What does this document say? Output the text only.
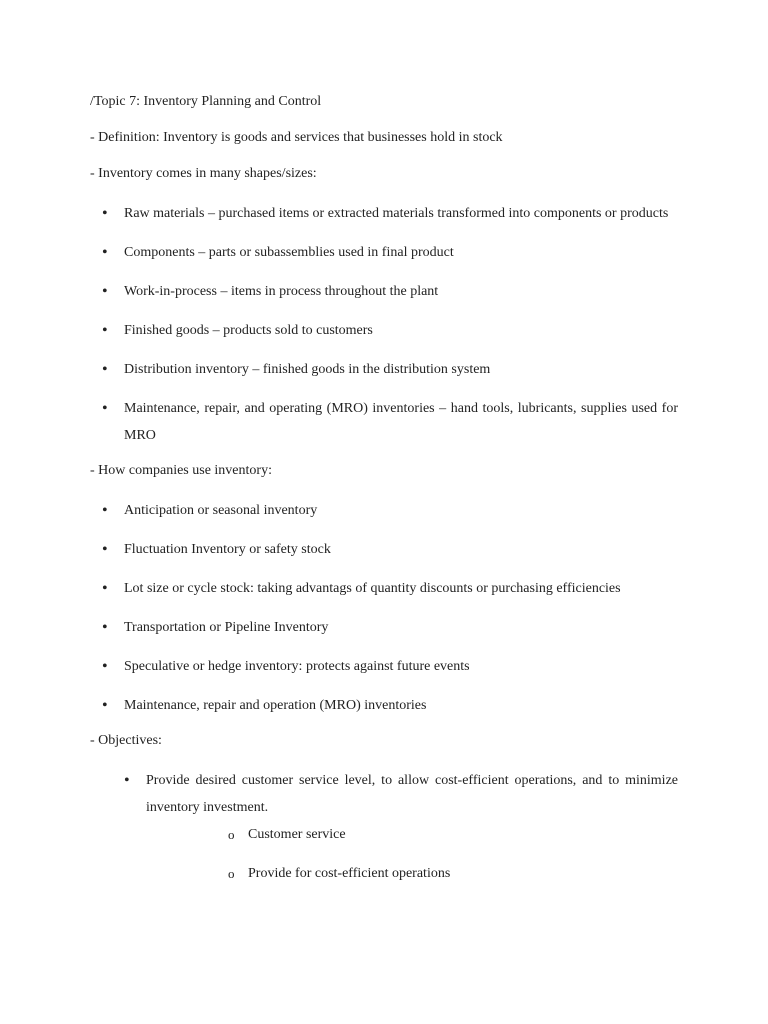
/Topic 7: Inventory Planning and Control

- Definition: Inventory is goods and services that businesses hold in stock

- Inventory comes in many shapes/sizes:

• Raw materials – purchased items or extracted materials transformed into components or products
• Components – parts or subassemblies used in final product
• Work-in-process – items in process throughout the plant
• Finished goods – products sold to customers
• Distribution inventory – finished goods in the distribution system
• Maintenance, repair, and operating (MRO) inventories – hand tools, lubricants, supplies used for MRO

- How companies use inventory:

• Anticipation or seasonal inventory
• Fluctuation Inventory or safety stock
• Lot size or cycle stock: taking advantags of quantity discounts or purchasing efficiencies
• Transportation or Pipeline Inventory
• Speculative or hedge inventory: protects against future events
• Maintenance, repair and operation (MRO) inventories

- Objectives:

• Provide desired customer service level, to allow cost-efficient operations, and to minimize inventory investment.
o Customer service
o Provide for cost-efficient operations
